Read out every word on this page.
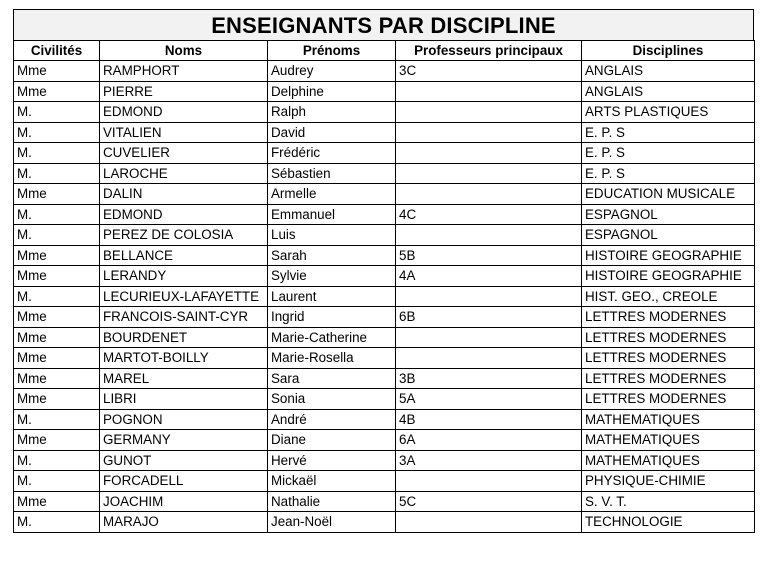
ENSEIGNANTS PAR DISCIPLINE
Civilités	Noms	Prénoms	Professeurs principaux	Disciplines
Mme	RAMPHORT	Audrey	3C	ANGLAIS
Mme	PIERRE	Delphine		ANGLAIS
M.	EDMOND	Ralph		ARTS PLASTIQUES
M.	VITALIEN	David		E. P. S
M.	CUVELIER	Frédéric		E. P. S
M.	LAROCHE	Sébastien		E. P. S
Mme	DALIN	Armelle		EDUCATION MUSICALE
M.	EDMOND	Emmanuel	4C	ESPAGNOL
M.	PEREZ DE COLOSIA	Luis		ESPAGNOL
Mme	BELLANCE	Sarah	5B	HISTOIRE GEOGRAPHIE
Mme	LERANDY	Sylvie	4A	HISTOIRE GEOGRAPHIE
M.	LECURIEUX-LAFAYETTE	Laurent		HIST. GEO., CREOLE
Mme	FRANCOIS-SAINT-CYR	Ingrid	6B	LETTRES MODERNES
Mme	BOURDENET	Marie-Catherine		LETTRES MODERNES
Mme	MARTOT-BOILLY	Marie-Rosella		LETTRES MODERNES
Mme	MAREL	Sara	3B	LETTRES MODERNES
Mme	LIBRI	Sonia	5A	LETTRES MODERNES
M.	POGNON	André	4B	MATHEMATIQUES
Mme	GERMANY	Diane	6A	MATHEMATIQUES
M.	GUNOT	Hervé	3A	MATHEMATIQUES
M.	FORCADELL	Mickaël		PHYSIQUE-CHIMIE
Mme	JOACHIM	Nathalie	5C	S. V. T.
M.	MARAJO	Jean-Noël		TECHNOLOGIE
